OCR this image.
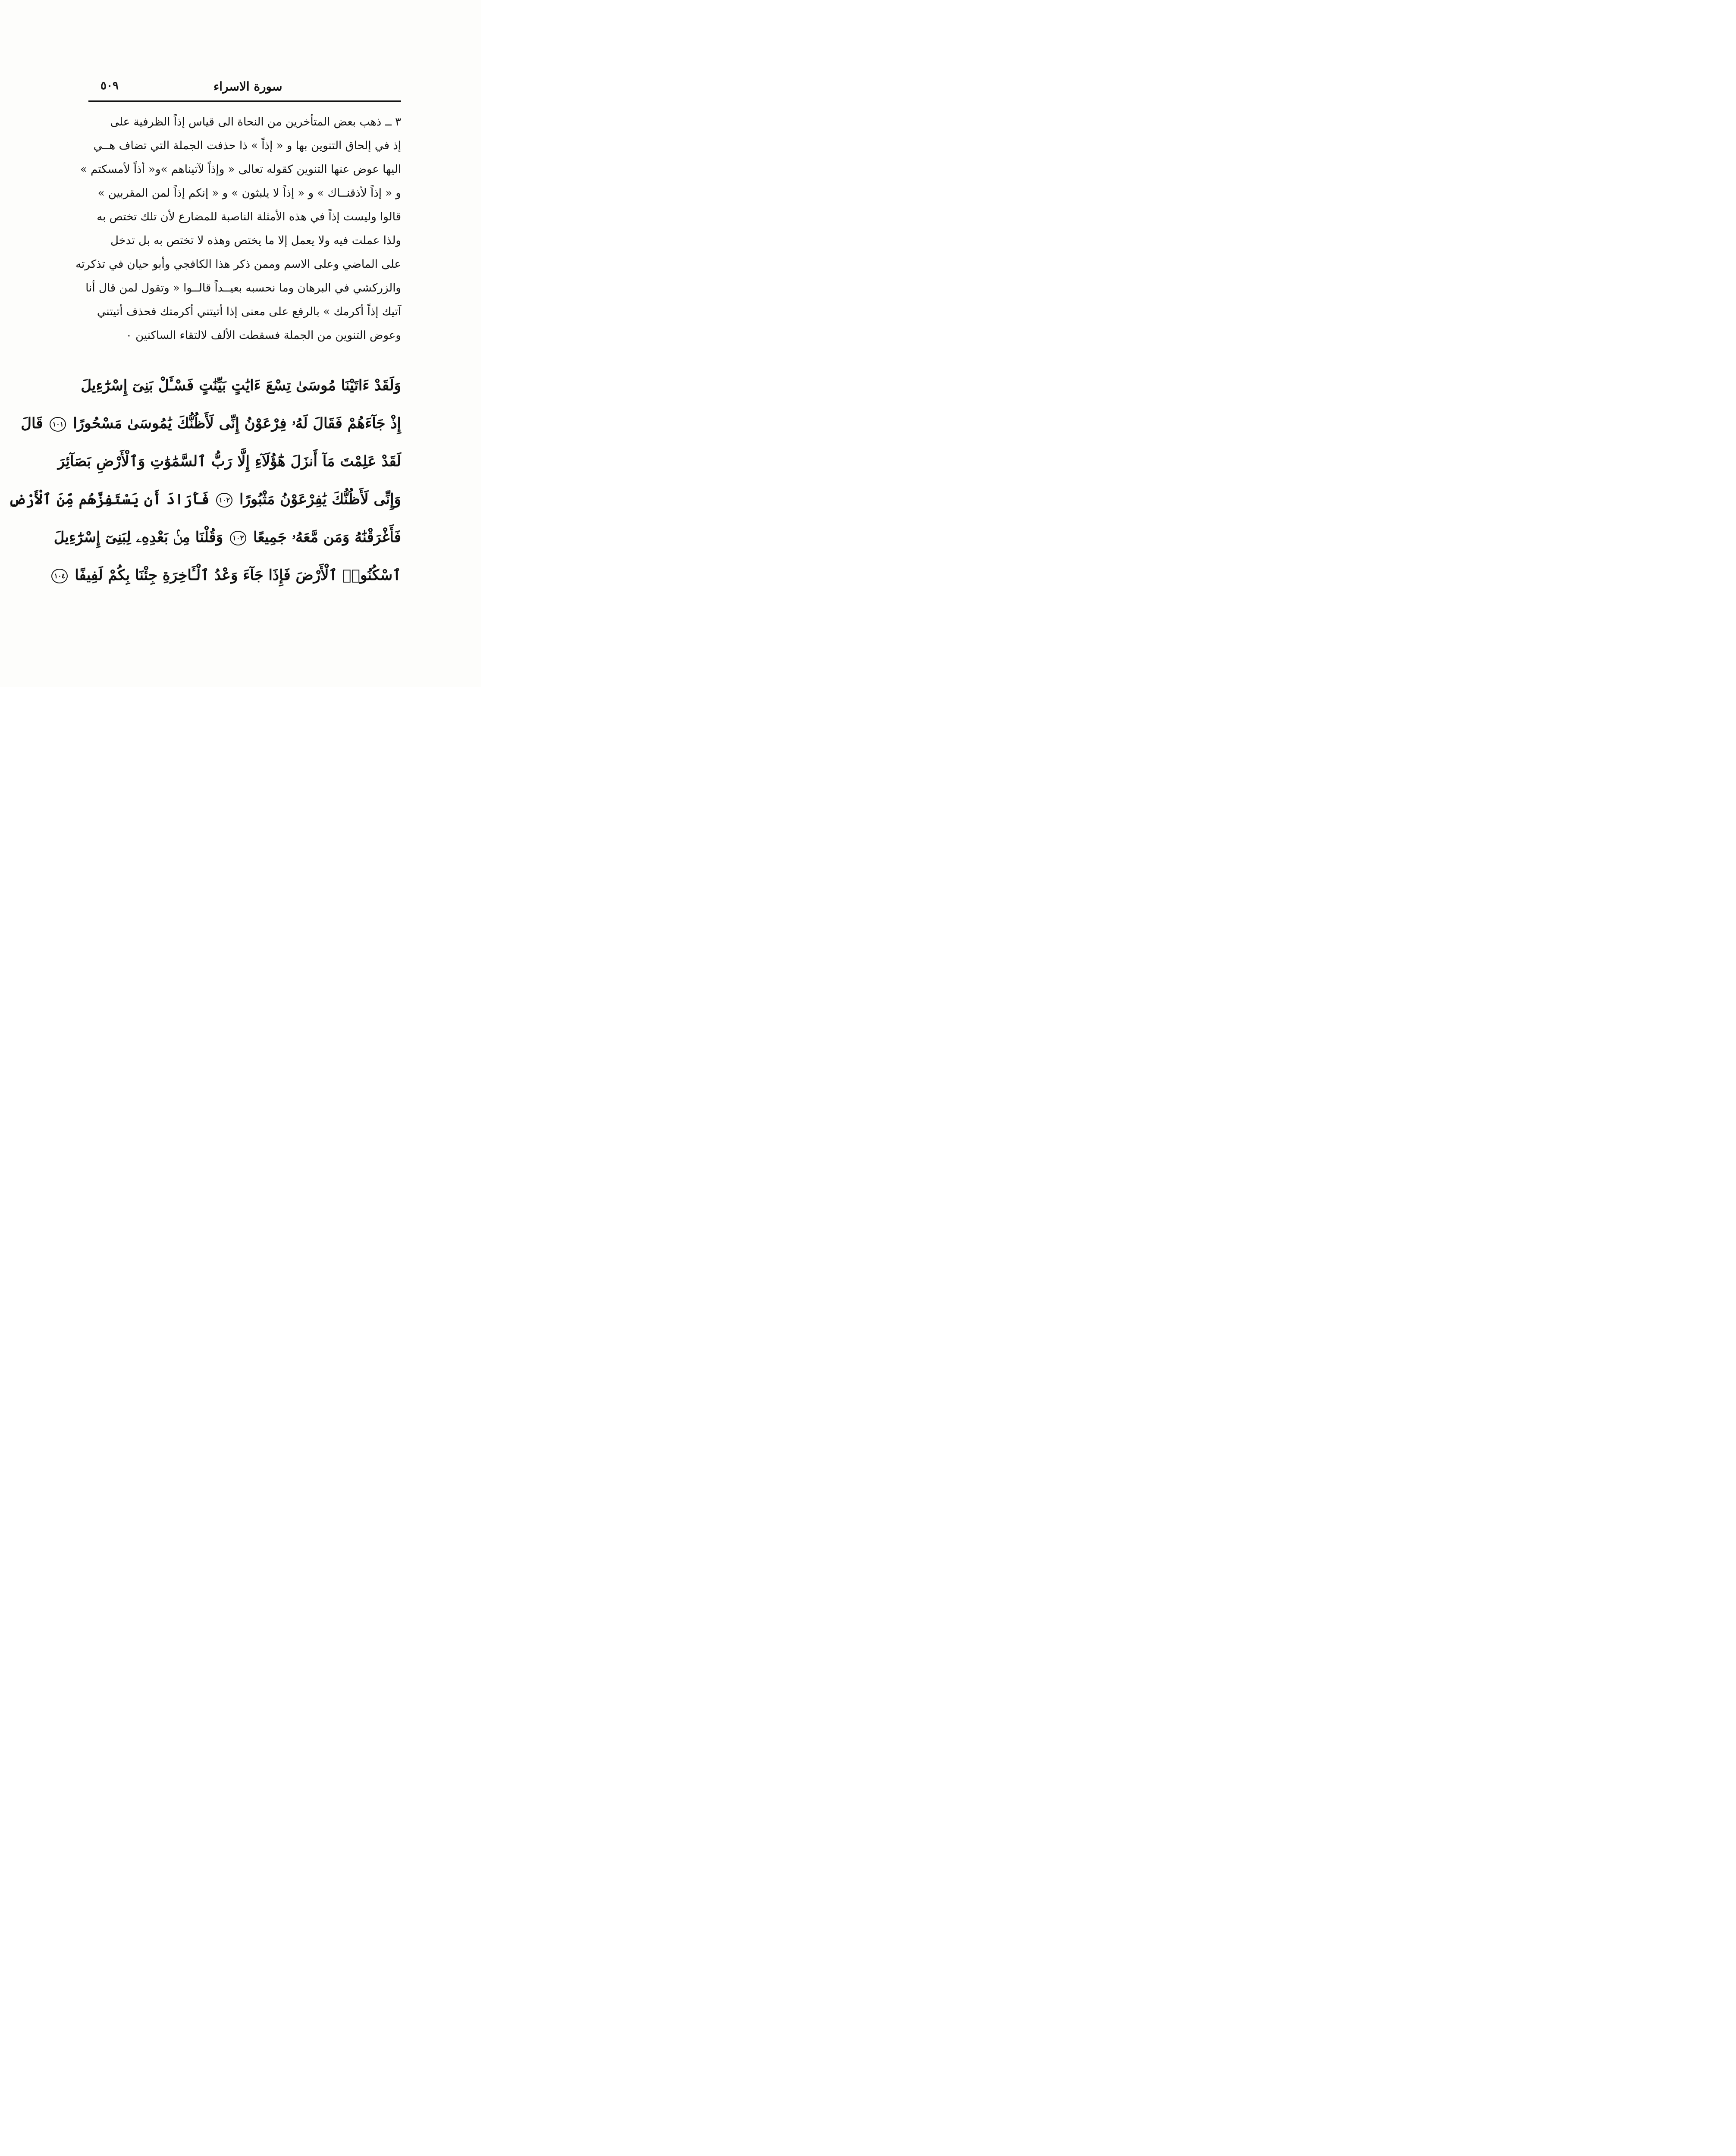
٥٠٩	سورة الاسراء
٣ ــ ذهب بعض المتأخرين من النحاة الى قياس إذاً الظرفية على
إذ في إلحاق التنوين بها و « إذاً » ذا حذفت الجملة التي تضاف هــي
اليها عوض عنها التنوين كقوله تعالى « وإذاً لآتيناهم »و« أذاً لأمسكتم »
و « إذاً لأذقنــاك » و « إذاً لا يلبثون » و « إنكم إذاً لمن المقربين »
قالوا وليست إذاً في هذه الأمثلة الناصبة للمضارع لأن تلك تختص به
ولذا عملت فيه ولا يعمل إلا ما يختص وهذه لا تختص به بل تدخل
على الماضي وعلى الاسم وممن ذكر هذا الكافجي وأبو حيان في تذكرته
والزركشي في البرهان وما نحسبه بعيــداً قالــوا « وتقول لمن قال أنا
آتيك إذاً أكرمك » بالرفع على معنى إذا أتيتني أكرمتك فحذف أتيتني
وعوض التنوين من الجملة فسقطت الألف لالتقاء الساكنين ٠
وَلَقَدْ ءَاتَيْنَا مُوسَىٰ تِسْعَ ءَايَٰتٍ بَيِّنَٰتٍ فَسْـَٔلْ بَنِىٓ إِسْرَٰٓءِيلَ
إِذْ جَآءَهُمْ فَقَالَ لَهُۥ فِرْعَوْنُ إِنِّى لَأَظُنُّكَ يَٰمُوسَىٰ مَسْحُورًا ١٠١ قَالَ
لَقَدْ عَلِمْتَ مَآ أَنزَلَ هَٰٓؤُلَآءِ إِلَّا رَبُّ ٱلسَّمَٰوَٰتِ وَٱلْأَرْضِ بَصَآئِرَ
وَإِنِّى لَأَظُنُّكَ يَٰفِرْعَوْنُ مَثْبُورًا ١٠٢ فَأَرَادَ أَن يَسْتَفِزَّهُم مِّنَ ٱلْأَرْضِ
فَأَغْرَقْنَٰهُ وَمَن مَّعَهُۥ جَمِيعًا ١٠٣ وَقُلْنَا مِنۢ بَعْدِهِۦ لِبَنِىٓ إِسْرَٰٓءِيلَ
ٱسْكُنُوا۟ ٱلْأَرْضَ فَإِذَا جَآءَ وَعْدُ ٱلْـَٔاخِرَةِ جِئْنَا بِكُمْ لَفِيفًا ١٠٤
